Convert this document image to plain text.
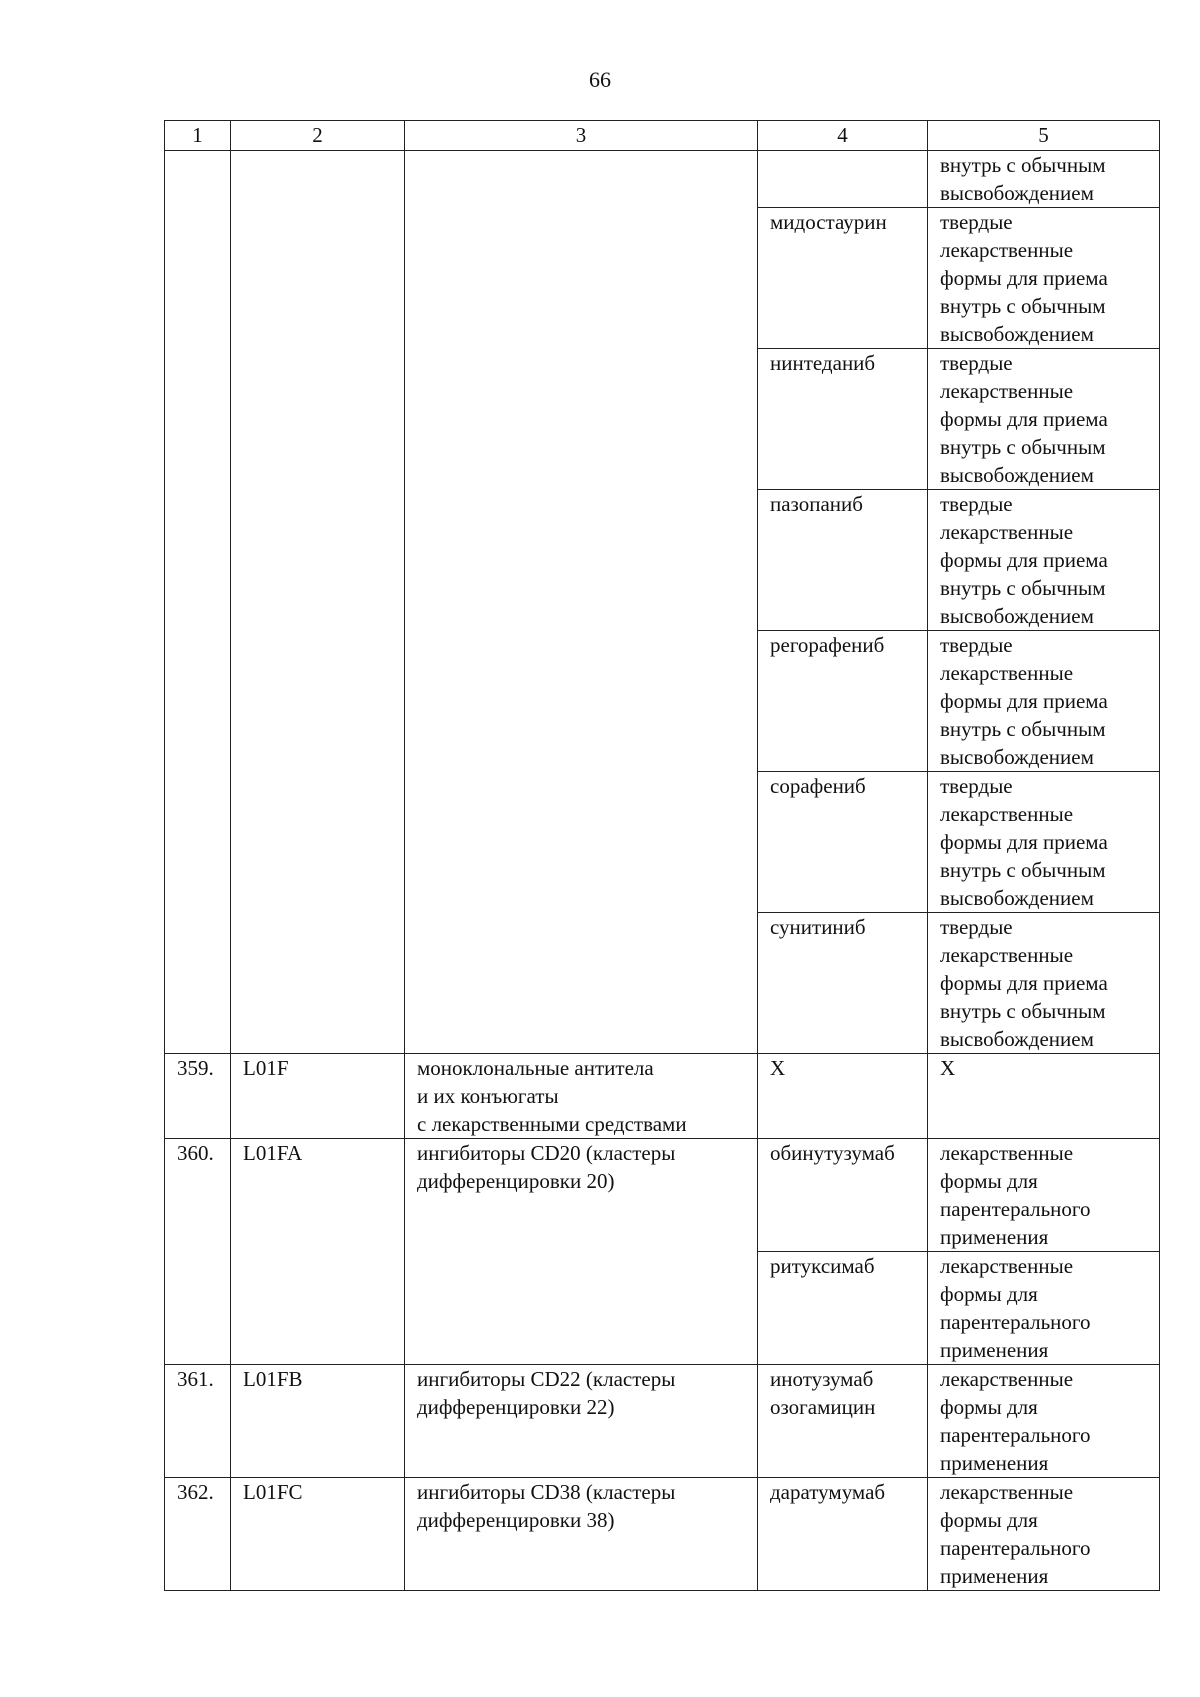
66
1	2	3	4	5
				внутрь с обычным
высвобождением
			мидостаурин	твердые
лекарственные
формы для приема
внутрь с обычным
высвобождением
			нинтеданиб	твердые
лекарственные
формы для приема
внутрь с обычным
высвобождением
			пазопаниб	твердые
лекарственные
формы для приема
внутрь с обычным
высвобождением
			регорафениб	твердые
лекарственные
формы для приема
внутрь с обычным
высвобождением
			сорафениб	твердые
лекарственные
формы для приема
внутрь с обычным
высвобождением
			сунитиниб	твердые
лекарственные
формы для приема
внутрь с обычным
высвобождением
359.	L01F	моноклональные антитела
и их конъюгаты
с лекарственными средствами	Х	Х
360.	L01FA	ингибиторы CD20 (кластеры
дифференцировки 20)	обинутузумаб	лекарственные
формы для
парентерального
применения
			ритуксимаб	лекарственные
формы для
парентерального
применения
361.	L01FB	ингибиторы CD22 (кластеры
дифференцировки 22)	инотузумаб
озогамицин	лекарственные
формы для
парентерального
применения
362.	L01FC	ингибиторы CD38 (кластеры
дифференцировки 38)	даратумумаб	лекарственные
формы для
парентерального
применения
